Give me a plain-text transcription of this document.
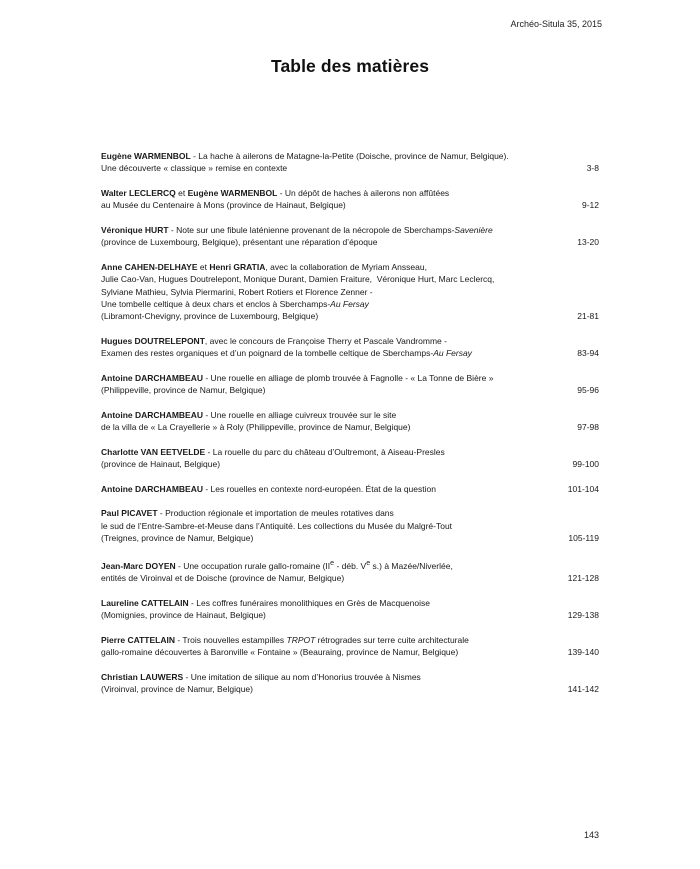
Archéo-Situla 35, 2015
Table des matières
Eugène WARMENBOL - La hache à ailerons de Matagne-la-Petite (Doische, province de Namur, Belgique).
Une découverte « classique » remise en contexte	3-8
Walter LECLERCQ et Eugène WARMENBOL - Un dépôt de haches à ailerons non affûtées
au Musée du Centenaire à Mons (province de Hainaut, Belgique)	9-12
Véronique HURT - Note sur une fibule laténienne provenant de la nécropole de Sberchamps-Savenière
(province de Luxembourg, Belgique), présentant une réparation d’époque	13-20
Anne CAHEN-DELHAYE et Henri GRATIA, avec la collaboration de Myriam Ansseau,
Julie Cao-Van, Hugues Doutrelepont, Monique Durant, Damien Fraiture,  Véronique Hurt, Marc Leclercq,
Sylviane Mathieu, Sylvia Piermarini, Robert Rotiers et Florence Zenner -
Une tombelle celtique à deux chars et enclos à Sberchamps-Au Fersay
(Libramont-Chevigny, province de Luxembourg, Belgique)	21-81
Hugues DOUTRELEPONT, avec le concours de Françoise Therry et Pascale Vandromme -
Examen des restes organiques et d’un poignard de la tombelle celtique de Sberchamps-Au Fersay	83-94
Antoine DARCHAMBEAU - Une rouelle en alliage de plomb trouvée à Fagnolle - « La Tonne de Bière »
(Philippeville, province de Namur, Belgique)	95-96
Antoine DARCHAMBEAU - Une rouelle en alliage cuivreux trouvée sur le site
de la villa de « La Crayellerie » à Roly (Philippeville, province de Namur, Belgique)	97-98
Charlotte VAN EETVELDE - La rouelle du parc du château d’Oultremont, à Aiseau-Presles
(province de Hainaut, Belgique)	99-100
Antoine DARCHAMBEAU - Les rouelles en contexte nord-européen. État de la question	101-104
Paul PICAVET - Production régionale et importation de meules rotatives dans
le sud de l’Entre-Sambre-et-Meuse dans l’Antiquité. Les collections du Musée du Malgré-Tout
(Treignes, province de Namur, Belgique)	105-119
Jean-Marc DOYEN - Une occupation rurale gallo-romaine (IIe - déb. Ve s.) à Mazée/Niverlée,
entités de Viroinval et de Doische (province de Namur, Belgique)	121-128
Laureline CATTELAIN - Les coffres funéraires monolithiques en Grès de Macquenoise
(Momignies, province de Hainaut, Belgique)	129-138
Pierre CATTELAIN - Trois nouvelles estampilles TRPOT rétrogrades sur terre cuite architecturale
gallo-romaine découvertes à Baronville « Fontaine » (Beauraing, province de Namur, Belgique)	139-140
Christian LAUWERS - Une imitation de silique au nom d’Honorius trouvée à Nismes
(Viroinval, province de Namur, Belgique)	141-142
143
